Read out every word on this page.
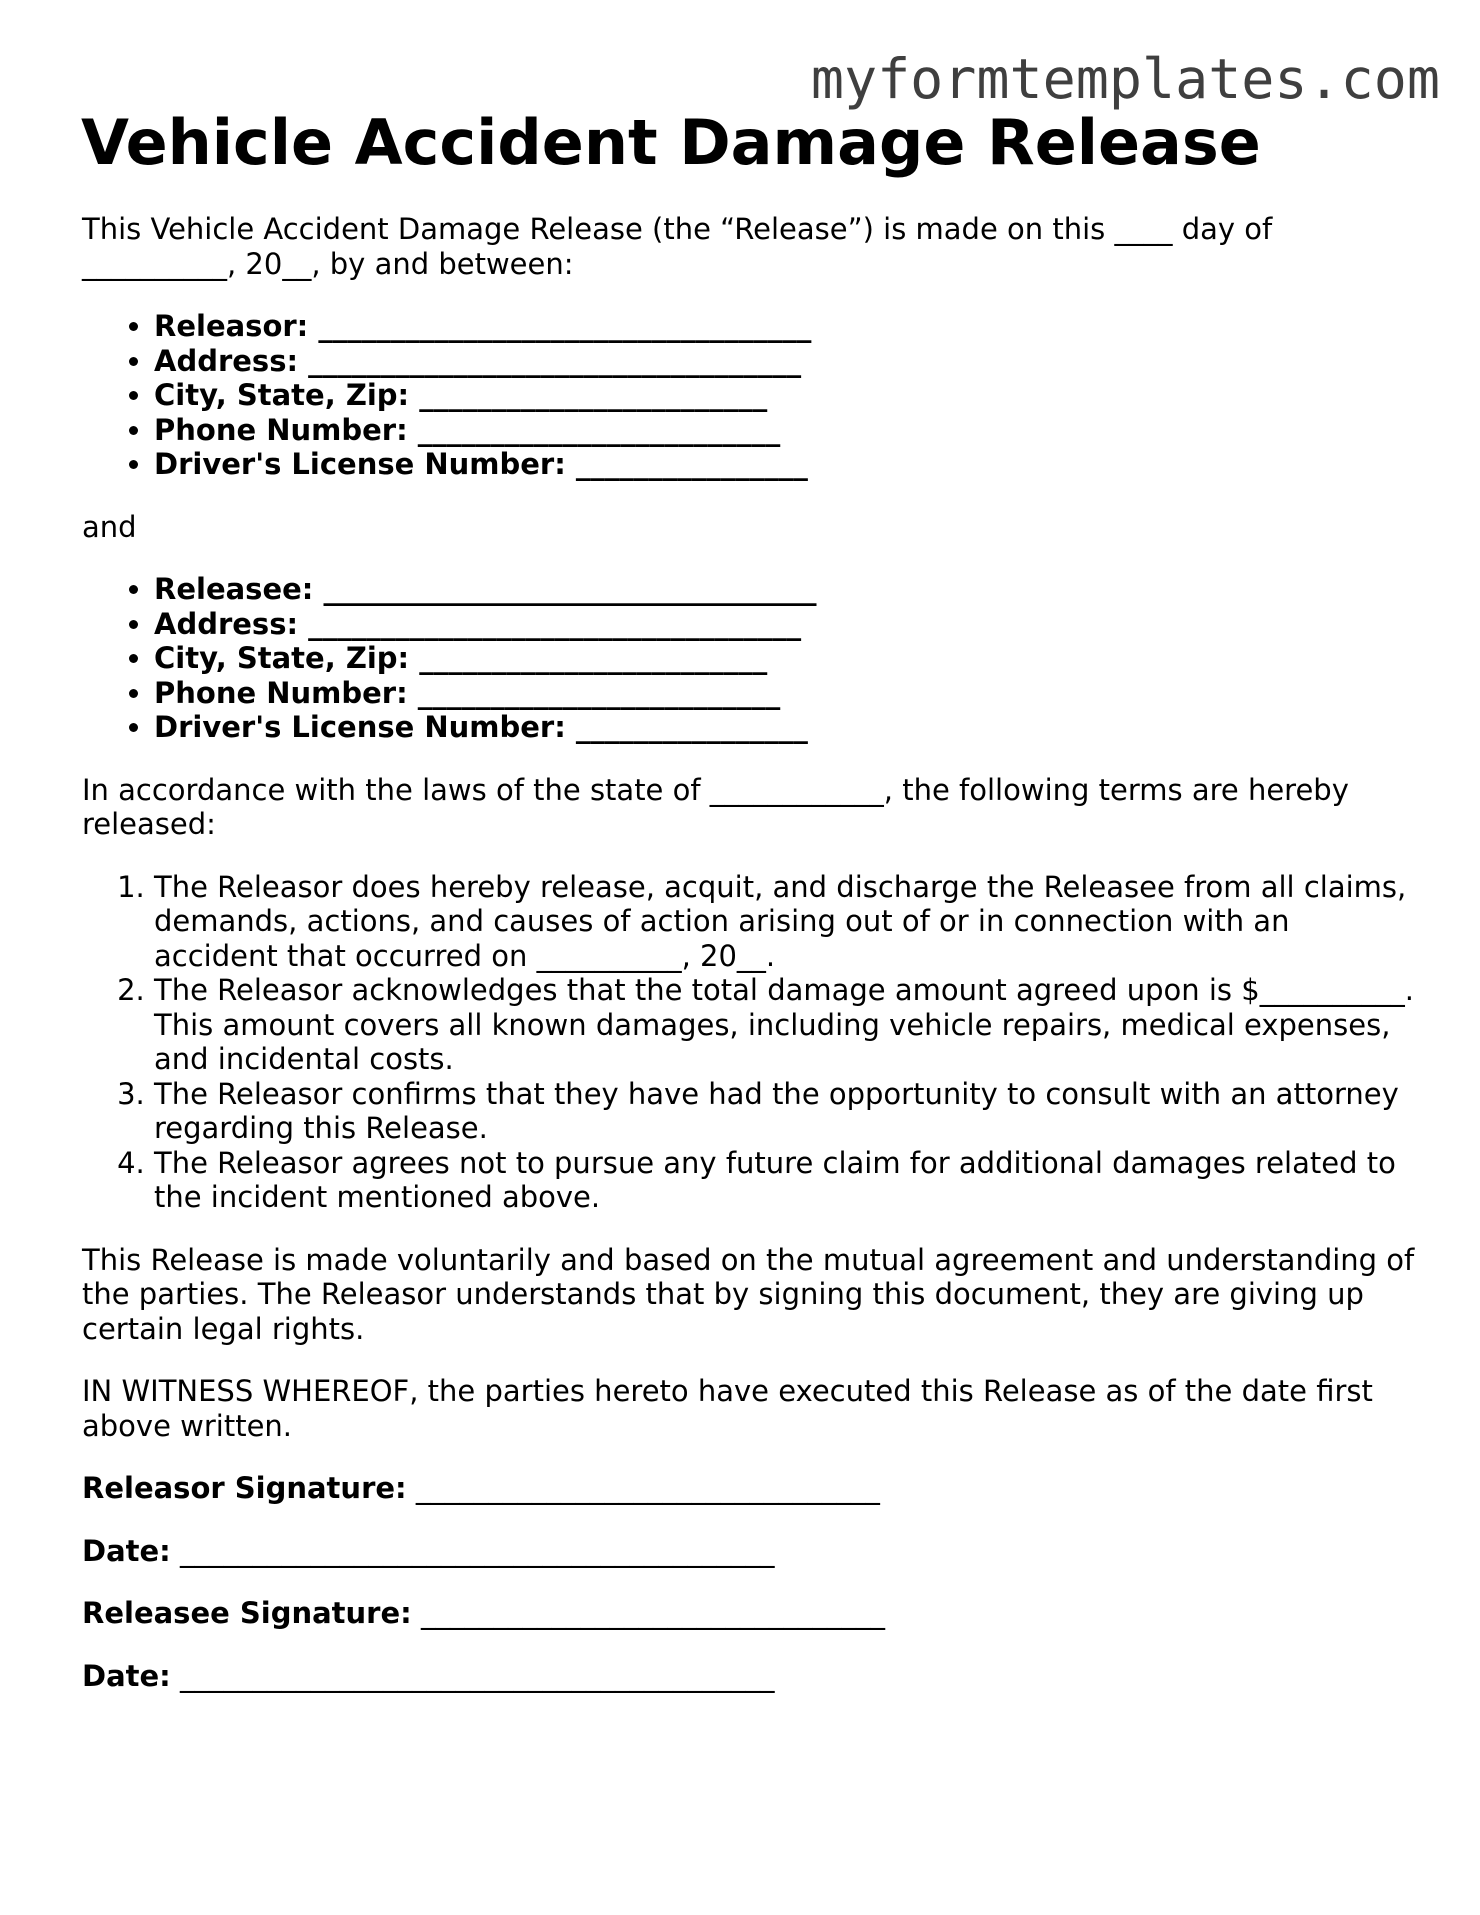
myformtemplates.com
Vehicle Accident Damage Release

This Vehicle Accident Damage Release (the “Release”) is made on this ____ day of __________, 20__, by and between:

• Releasor: __________________________________
• Address: __________________________________
• City, State, Zip: ________________________
• Phone Number: _________________________
• Driver's License Number: ________________

and

• Releasee: __________________________________
• Address: __________________________________
• City, State, Zip: ________________________
• Phone Number: _________________________
• Driver's License Number: ________________

In accordance with the laws of the state of ____________, the following terms are hereby released:

1. The Releasor does hereby release, acquit, and discharge the Releasee from all claims, demands, actions, and causes of action arising out of or in connection with an accident that occurred on __________, 20__.
2. The Releasor acknowledges that the total damage amount agreed upon is $__________. This amount covers all known damages, including vehicle repairs, medical expenses, and incidental costs.
3. The Releasor confirms that they have had the opportunity to consult with an attorney regarding this Release.
4. The Releasor agrees not to pursue any future claim for additional damages related to the incident mentioned above.

This Release is made voluntarily and based on the mutual agreement and understanding of the parties. The Releasor understands that by signing this document, they are giving up certain legal rights.

IN WITNESS WHEREOF, the parties hereto have executed this Release as of the date first above written.

Releasor Signature: ________________________________
Date: _________________________________________
Releasee Signature: ________________________________
Date: _________________________________________
